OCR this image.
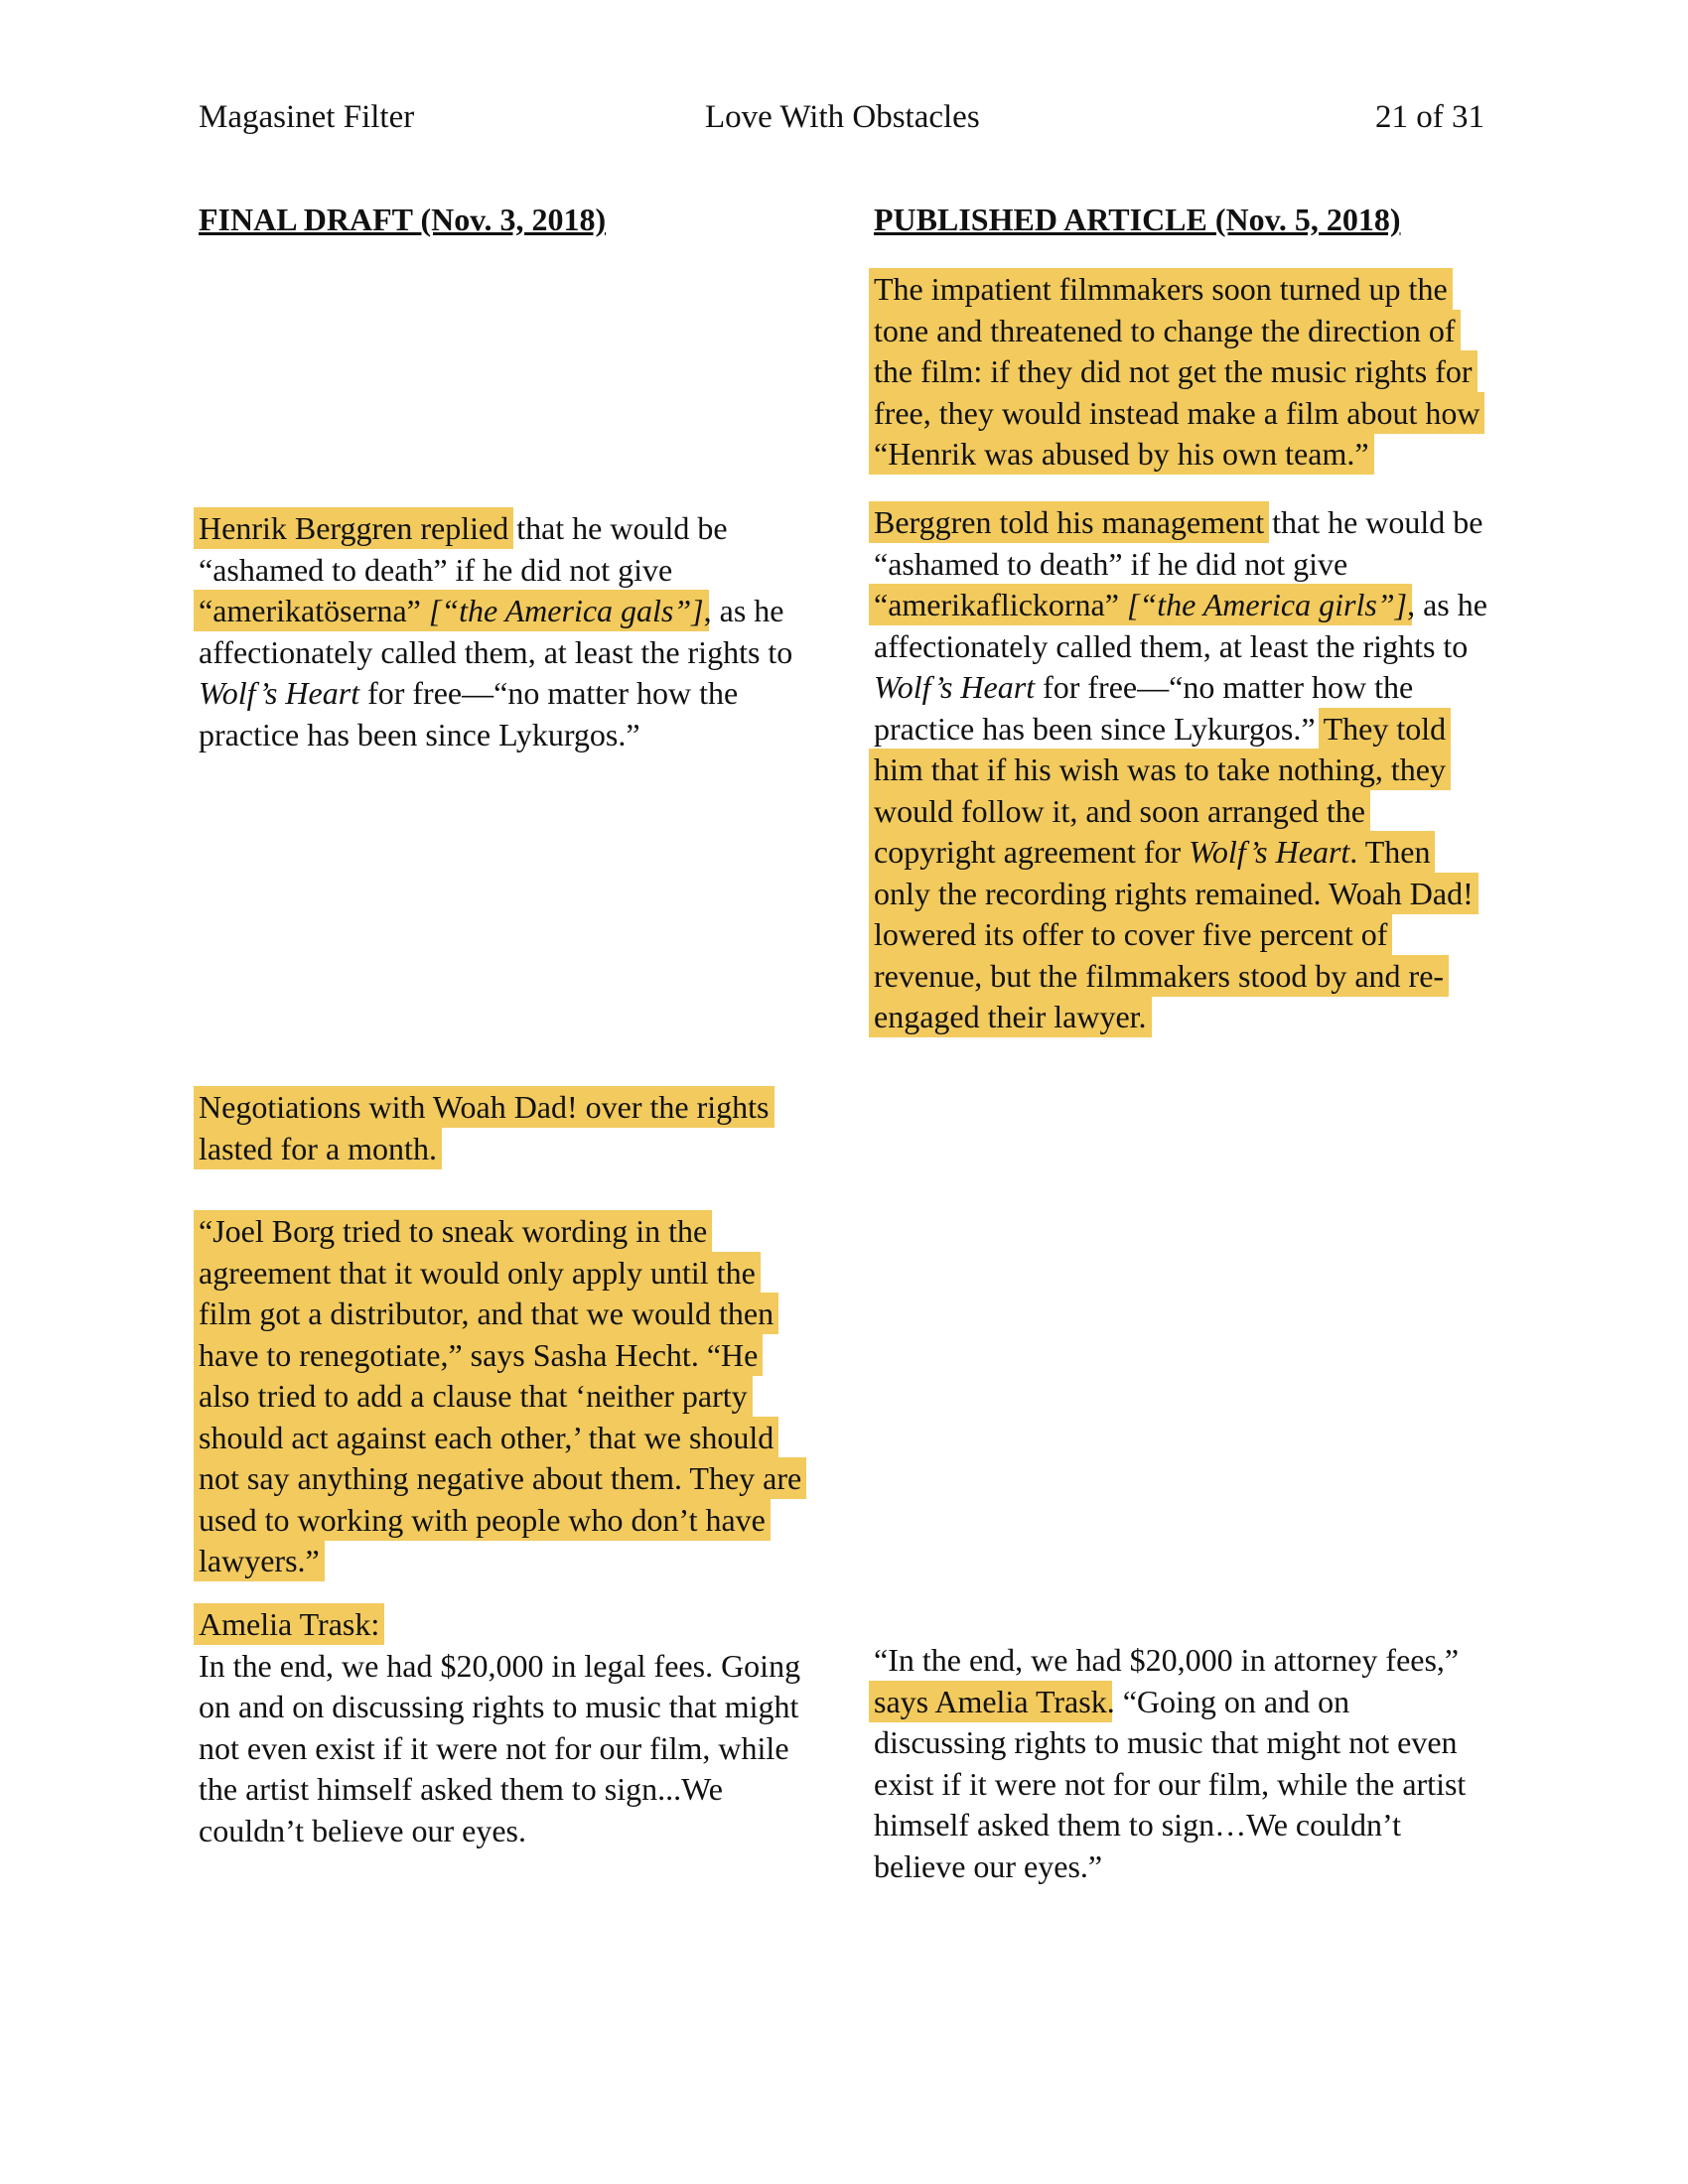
Magasinet Filter	Love With Obstacles	21 of 31
FINAL DRAFT (Nov. 3, 2018)	PUBLISHED ARTICLE (Nov. 5, 2018)
The impatient filmmakers soon turned up the tone and threatened to change the direction of the film: if they did not get the music rights for free, they would instead make a film about how “Henrik was abused by his own team.”
Berggren told his management that he would be “ashamed to death” if he did not give “amerikaflickorna” [“the America girls”], as he affectionately called them, at least the rights to Wolf’s Heart for free—“no matter how the practice has been since Lykurgos.” They told him that if his wish was to take nothing, they would follow it, and soon arranged the copyright agreement for Wolf’s Heart. Then only the recording rights remained. Woah Dad! lowered its offer to cover five percent of revenue, but the filmmakers stood by and re-engaged their lawyer.
“In the end, we had $20,000 in attorney fees,” says Amelia Trask. “Going on and on discussing rights to music that might not even exist if it were not for our film, while the artist himself asked them to sign…We couldn’t believe our eyes.”
Henrik Berggren replied that he would be “ashamed to death” if he did not give “amerikatöserna” [“the America gals”], as he affectionately called them, at least the rights to Wolf’s Heart for free—“no matter how the practice has been since Lykurgos.”
Negotiations with Woah Dad! over the rights lasted for a month.
“Joel Borg tried to sneak wording in the agreement that it would only apply until the film got a distributor, and that we would then have to renegotiate,” says Sasha Hecht. “He also tried to add a clause that ‘neither party should act against each other,’ that we should not say anything negative about them. They are used to working with people who don’t have lawyers.”
Amelia Trask:
In the end, we had $20,000 in legal fees. Going on and on discussing rights to music that might not even exist if it were not for our film, while the artist himself asked them to sign...We couldn’t believe our eyes.
